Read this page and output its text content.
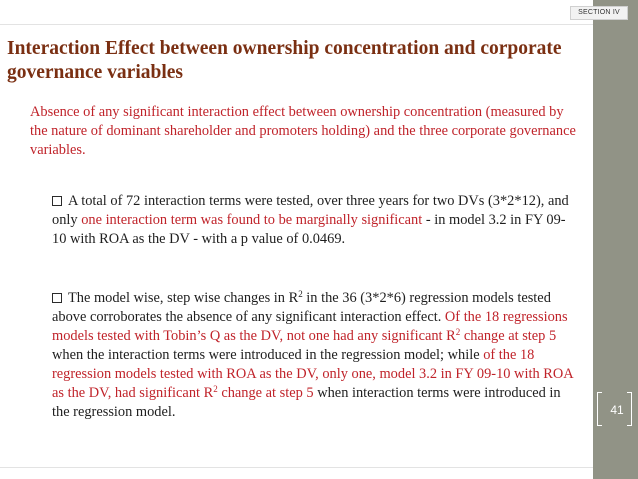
SECTION IV
Interaction Effect between ownership concentration and corporate governance variables

Absence of any significant interaction effect between ownership concentration (measured by the nature of dominant shareholder and promoters holding) and the three corporate governance variables.

A total of 72 interaction terms were tested, over three years for two DVs (3*2*12), and only one interaction term was found to be marginally significant - in model 3.2 in FY 09-10 with ROA as the DV - with a p value of 0.0469.
The model wise, step wise changes in $R^2$ in the 36 (3*2*6) regression models tested above corroborates the absence of any significant interaction effect. Of the 18 regressions models tested with Tobin’s Q as the DV, not one had any significant $R^2$ change at step 5 when the interaction terms were introduced in the regression model; while of the 18 regression models tested with ROA as the DV, only one, model 3.2 in FY 09-10 with ROA as the DV, had significant $R^2$ change at step 5 when interaction terms were introduced in the regression model.	41
